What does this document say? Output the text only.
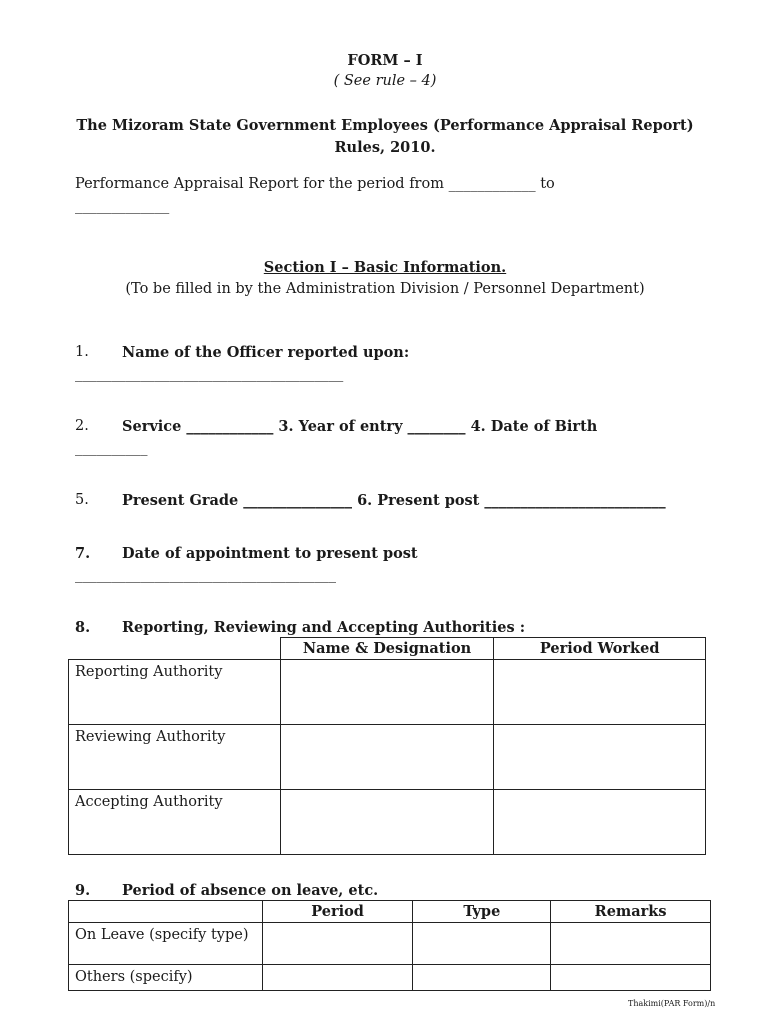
FORM – I
( See rule – 4)
The Mizoram State Government Employees (Performance Appraisal Report)
Rules, 2010.
Performance Appraisal Report for the period from ____________ to
_____________
Section I – Basic Information.
(To be filled in by the Administration Division / Personnel Department)
1. Name of the Officer reported upon:
_____________________________________
2. Service ____________ 3. Year of entry ________ 4. Date of Birth
__________
5. Present Grade _______________ 6. Present post _________________________
7. Date of appointment to present post
____________________________________
8. Reporting, Reviewing and Accepting Authorities :
	Name & Designation	Period Worked
Reporting Authority		
Reviewing Authority		
Accepting Authority		
9. Period of absence on leave, etc.
	Period	Type	Remarks
On Leave (specify type)			
Others (specify)			
Thakimi(PAR Form)/n
